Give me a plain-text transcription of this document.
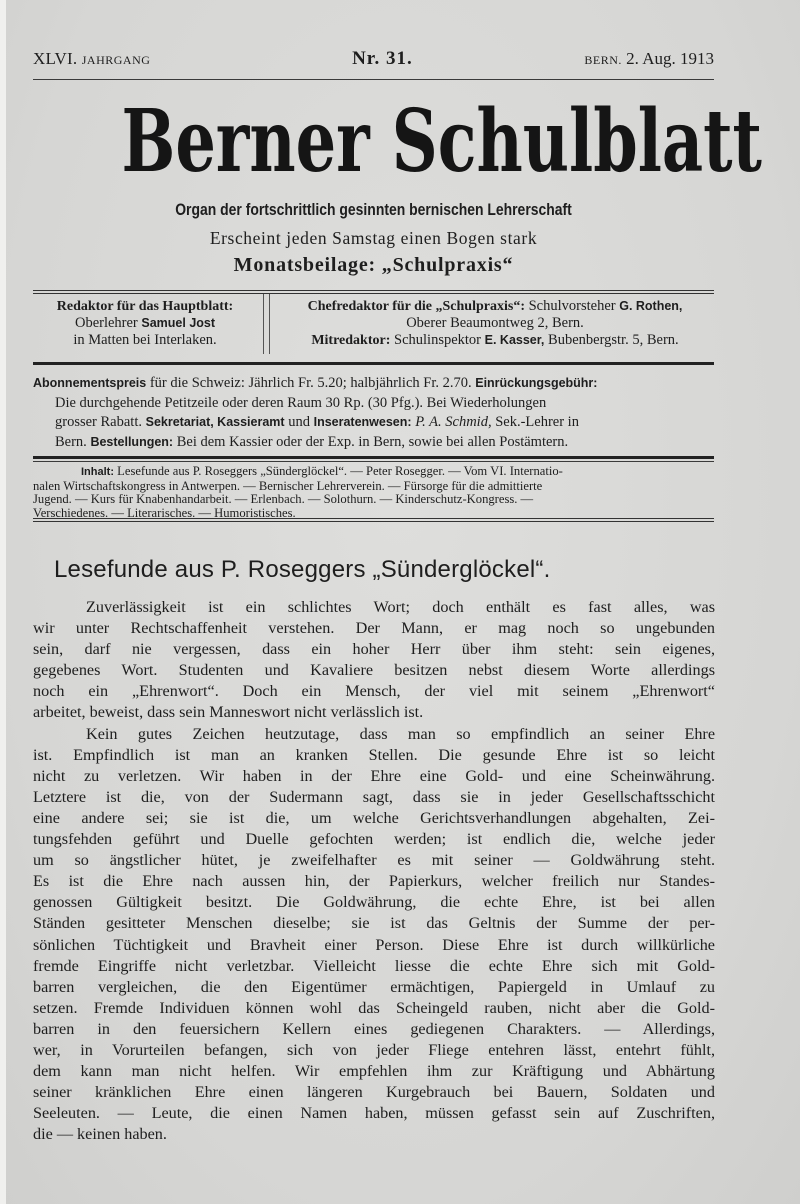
XLVI. JAHRGANG	Nr. 31.	BERN. 2. Aug. 1913
Berner Schulblatt
Organ der fortschrittlich gesinnten bernischen Lehrerschaft
Erscheint jeden Samstag einen Bogen stark
Monatsbeilage: „Schulpraxis“
Redaktor für das Hauptblatt:
Oberlehrer Samuel Jost
in Matten bei Interlaken.
Chefredaktor für die „Schulpraxis“: Schulvorsteher G. Rothen,
Oberer Beaumontweg 2, Bern.
Mitredaktor: Schulinspektor E. Kasser, Bubenbergstr. 5, Bern.

Abonnementspreis für die Schweiz: Jährlich Fr. 5.20; halbjährlich Fr. 2.70. Einrückungsgebühr:

Die durchgehende Petitzeile oder deren Raum 30 Rp. (30 Pfg.). Bei Wiederholungen

grosser Rabatt. Sekretariat, Kassieramt und Inseratenwesen: P. A. Schmid, Sek.-Lehrer in

Bern. Bestellungen: Bei dem Kassier oder der Exp. in Bern, sowie bei allen Postämtern.

Inhalt: Lesefunde aus P. Roseggers „Sünderglöckel“. — Peter Rosegger. — Vom VI. Internatio-
nalen Wirtschaftskongress in Antwerpen. — Bernischer Lehrerverein. — Fürsorge für die admittierte
Jugend. — Kurs für Knabenhandarbeit. — Erlenbach. — Solothurn. — Kinderschutz-Kongress. —
Verschiedenes. — Literarisches. — Humoristisches.
Lesefunde aus P. Roseggers „Sünderglöckel“.

Zuverlässigkeit ist ein schlichtes Wort; doch enthält es fast alles, was
wir unter Rechtschaffenheit verstehen. Der Mann, er mag noch so ungebunden
sein, darf nie vergessen, dass ein hoher Herr über ihm steht: sein eigenes,
gegebenes Wort. Studenten und Kavaliere besitzen nebst diesem Worte allerdings
noch ein „Ehrenwort“. Doch ein Mensch, der viel mit seinem „Ehrenwort“
arbeitet, beweist, dass sein Manneswort nicht verlässlich ist.

Kein gutes Zeichen heutzutage, dass man so empfindlich an seiner Ehre
ist. Empfindlich ist man an kranken Stellen. Die gesunde Ehre ist so leicht
nicht zu verletzen. Wir haben in der Ehre eine Gold- und eine Scheinwährung.
Letztere ist die, von der Sudermann sagt, dass sie in jeder Gesellschaftsschicht
eine andere sei; sie ist die, um welche Gerichtsverhandlungen abgehalten, Zei-
tungsfehden geführt und Duelle gefochten werden; ist endlich die, welche jeder
um so ängstlicher hütet, je zweifelhafter es mit seiner — Goldwährung steht.
Es ist die Ehre nach aussen hin, der Papierkurs, welcher freilich nur Standes-
genossen Gültigkeit besitzt. Die Goldwährung, die echte Ehre, ist bei allen
Ständen gesitteter Menschen dieselbe; sie ist das Geltnis der Summe der per-
sönlichen Tüchtigkeit und Bravheit einer Person. Diese Ehre ist durch willkürliche
fremde Eingriffe nicht verletzbar. Vielleicht liesse die echte Ehre sich mit Gold-
barren vergleichen, die den Eigentümer ermächtigen, Papiergeld in Umlauf zu
setzen. Fremde Individuen können wohl das Scheingeld rauben, nicht aber die Gold-
barren in den feuersichern Kellern eines gediegenen Charakters. — Allerdings,
wer, in Vorurteilen befangen, sich von jeder Fliege entehren lässt, entehrt fühlt,
dem kann man nicht helfen. Wir empfehlen ihm zur Kräftigung und Abhärtung
seiner kränklichen Ehre einen längeren Kurgebrauch bei Bauern, Soldaten und
Seeleuten. — Leute, die einen Namen haben, müssen gefasst sein auf Zuschriften,
die — keinen haben.
